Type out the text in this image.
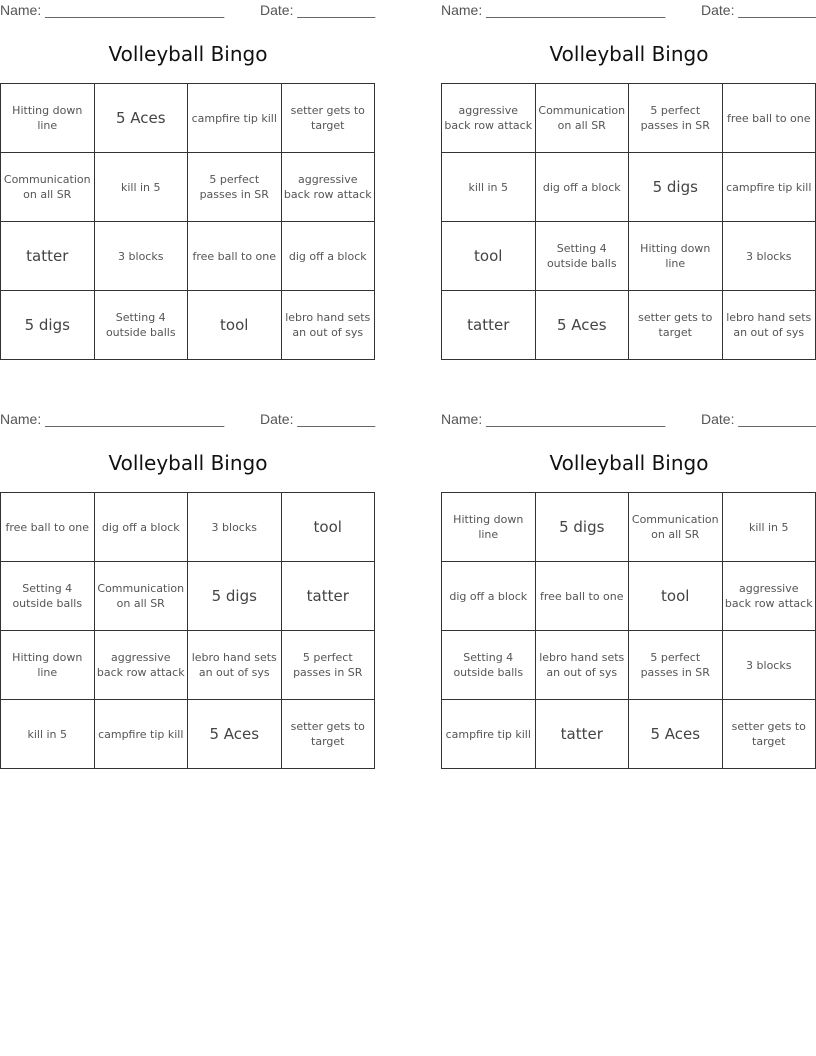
Name: _______________________	Date: __________
Volleyball Bingo
Hitting down line	5 Aces	campfire tip kill	setter gets to target
Communication on all SR	kill in 5	5 perfect passes in SR	aggressive back row attack
tatter	3 blocks	free ball to one	dig off a block
5 digs	Setting 4 outside balls	tool	lebro hand sets an out of sys
Name: _______________________	Date: __________
Volleyball Bingo
aggressive back row attack	Communication on all SR	5 perfect passes in SR	free ball to one
kill in 5	dig off a block	5 digs	campfire tip kill
tool	Setting 4 outside balls	Hitting down line	3 blocks
tatter	5 Aces	setter gets to target	lebro hand sets an out of sys
Name: _______________________	Date: __________
Volleyball Bingo
free ball to one	dig off a block	3 blocks	tool
Setting 4 outside balls	Communication on all SR	5 digs	tatter
Hitting down line	aggressive back row attack	lebro hand sets an out of sys	5 perfect passes in SR
kill in 5	campfire tip kill	5 Aces	setter gets to target
Name: _______________________	Date: __________
Volleyball Bingo
Hitting down line	5 digs	Communication on all SR	kill in 5
dig off a block	free ball to one	tool	aggressive back row attack
Setting 4 outside balls	lebro hand sets an out of sys	5 perfect passes in SR	3 blocks
campfire tip kill	tatter	5 Aces	setter gets to target
